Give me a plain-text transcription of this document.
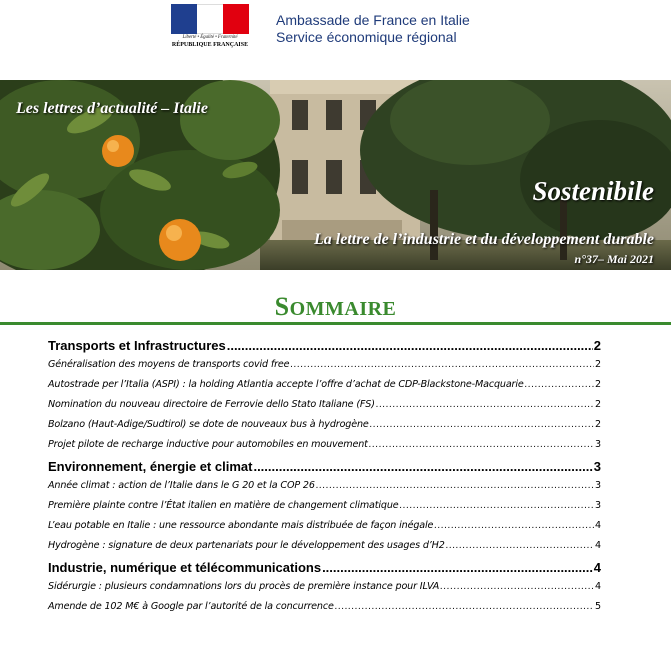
Liberté • Égalité • Fraternité
RÉPUBLIQUE FRANÇAISE
Ambassade de France en Italie
Service économique régional
Les lettres d’actualité – Italie
Sostenibile
La lettre de l’industrie et du développement durable
n°37– Mai 2021
SOMMAIRE
Transports et Infrastructures .....	2
Généralisation des moyens de transports covid free .....	2
Autostrade per l’Italia (ASPI) : la holding Atlantia accepte l’offre d’achat de CDP-Blackstone-Macquarie .....	2
Nomination du nouveau directoire de Ferrovie dello Stato Italiane (FS) .....	2
Bolzano (Haut-Adige/Sudtirol) se dote de nouveaux bus à hydrogène .....	2
Projet pilote de recharge inductive pour automobiles en mouvement .....	3
Environnement, énergie et climat .....	3
Année climat : action de l’Italie dans le G 20 et la COP 26 .....	3
Première plainte contre l’État italien en matière de changement climatique .....	3
L’eau potable en Italie : une ressource abondante mais distribuée de façon inégale .....	4
Hydrogène : signature de deux partenariats pour le développement des usages d’H2 .....	4
Industrie, numérique et télécommunications .....	4
Sidérurgie : plusieurs condamnations lors du procès de première instance pour ILVA .....	4
Amende de 102 M€ à Google par l’autorité de la concurrence .....	5
